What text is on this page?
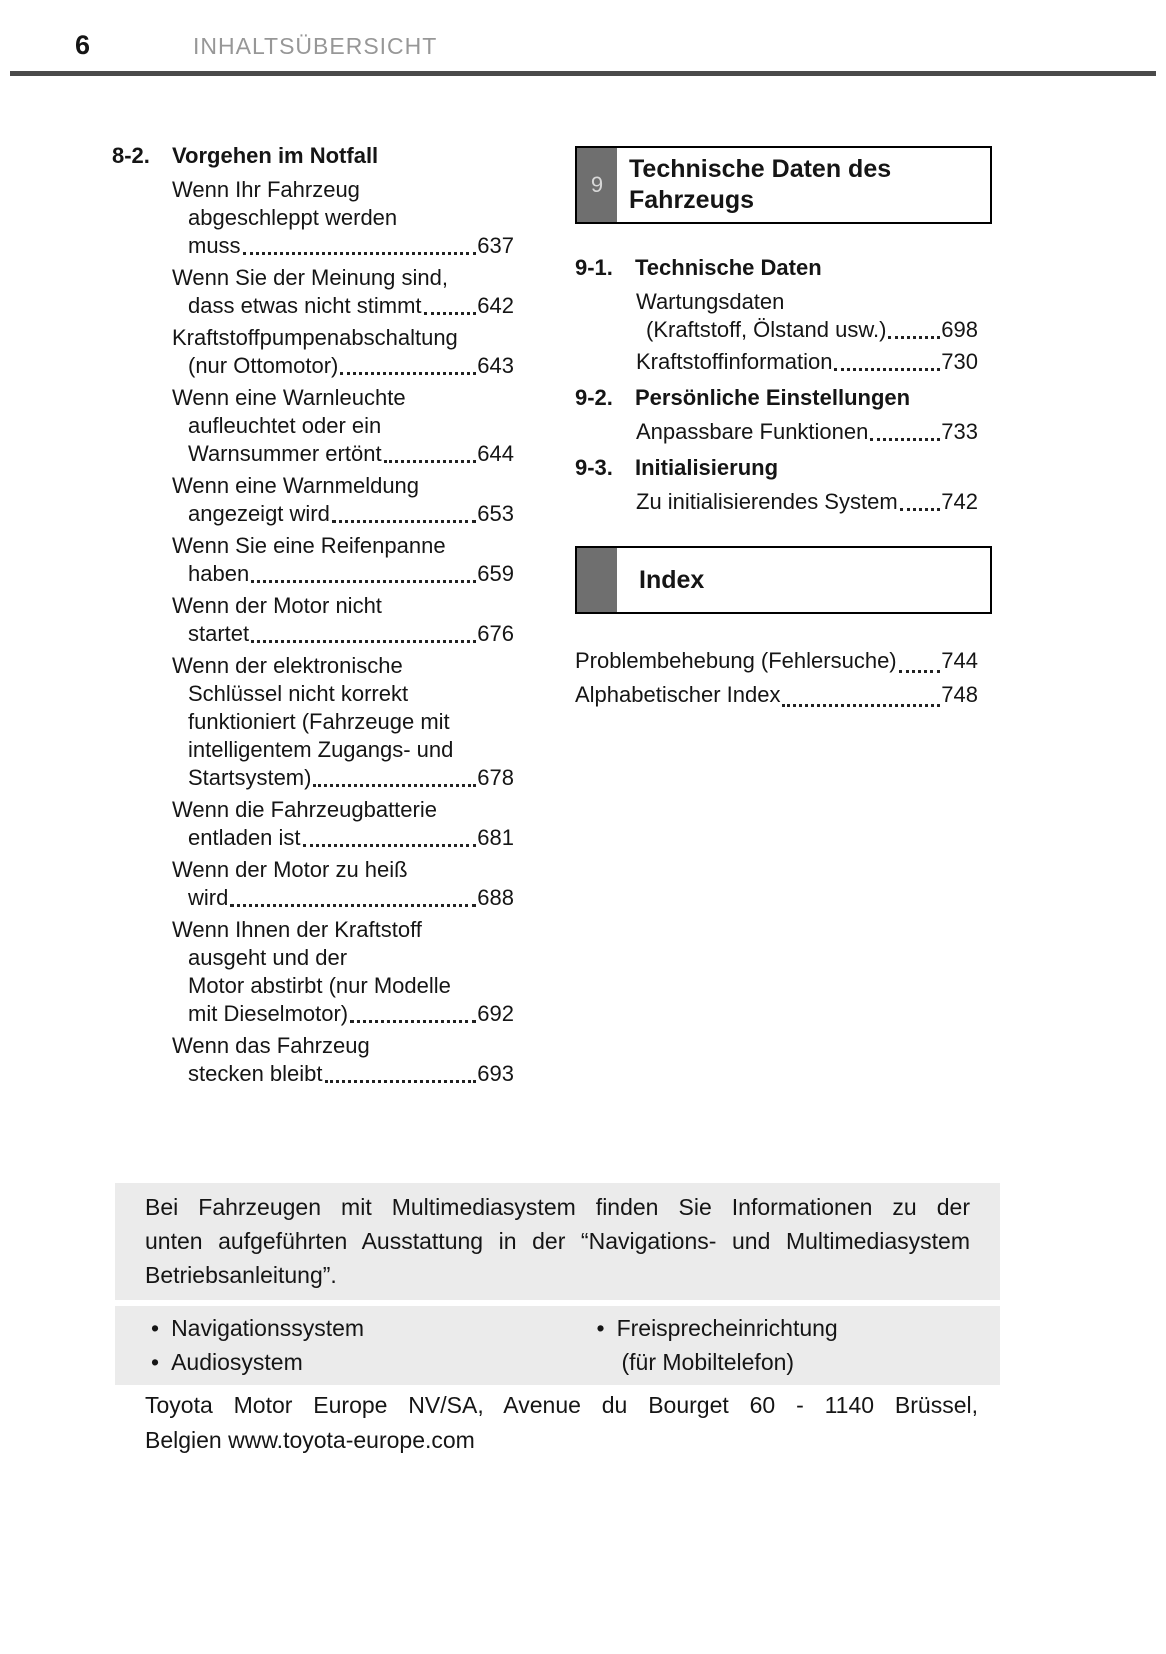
6	INHALTSÜBERSICHT
8-2.	Vorgehen im Notfall
Wenn Ihr Fahrzeug
abgeschleppt werden
muss	637
Wenn Sie der Meinung sind,
dass etwas nicht stimmt	642
Kraftstoffpumpenabschaltung
(nur Ottomotor)	643
Wenn eine Warnleuchte
aufleuchtet oder ein
Warnsummer ertönt	644
Wenn eine Warnmeldung
angezeigt wird	653
Wenn Sie eine Reifenpanne
haben	659
Wenn der Motor nicht
startet	676
Wenn der elektronische
Schlüssel nicht korrekt
funktioniert (Fahrzeuge mit
intelligentem Zugangs- und
Startsystem)	678
Wenn die Fahrzeugbatterie
entladen ist	681
Wenn der Motor zu heiß
wird	688
Wenn Ihnen der Kraftstoff
ausgeht und der
Motor abstirbt (nur Modelle
mit Dieselmotor)	692
Wenn das Fahrzeug
stecken bleibt	693
9
Technische Daten des Fahrzeugs
9-1.	Technische Daten
Wartungsdaten
(Kraftstoff, Ölstand usw.) 698
Kraftstoffinformation	730
9-2.	Persönliche Einstellungen
Anpassbare Funktionen	733
9-3.	Initialisierung
Zu initialisierendes System 742
Index
Problembehebung (Fehlersuche) 744
Alphabetischer Index	748
Bei Fahrzeugen mit Multimediasystem finden Sie Informationen zu der
unten aufgeführten Ausstattung in der “Navigations- und Multimediasystem
Betriebsanleitung”.
• Navigationssystem
• Audiosystem
• Freisprecheinrichtung
(für Mobiltelefon)
Toyota Motor Europe NV/SA, Avenue du Bourget 60 - 1140 Brüssel,
Belgien www.toyota-europe.com
